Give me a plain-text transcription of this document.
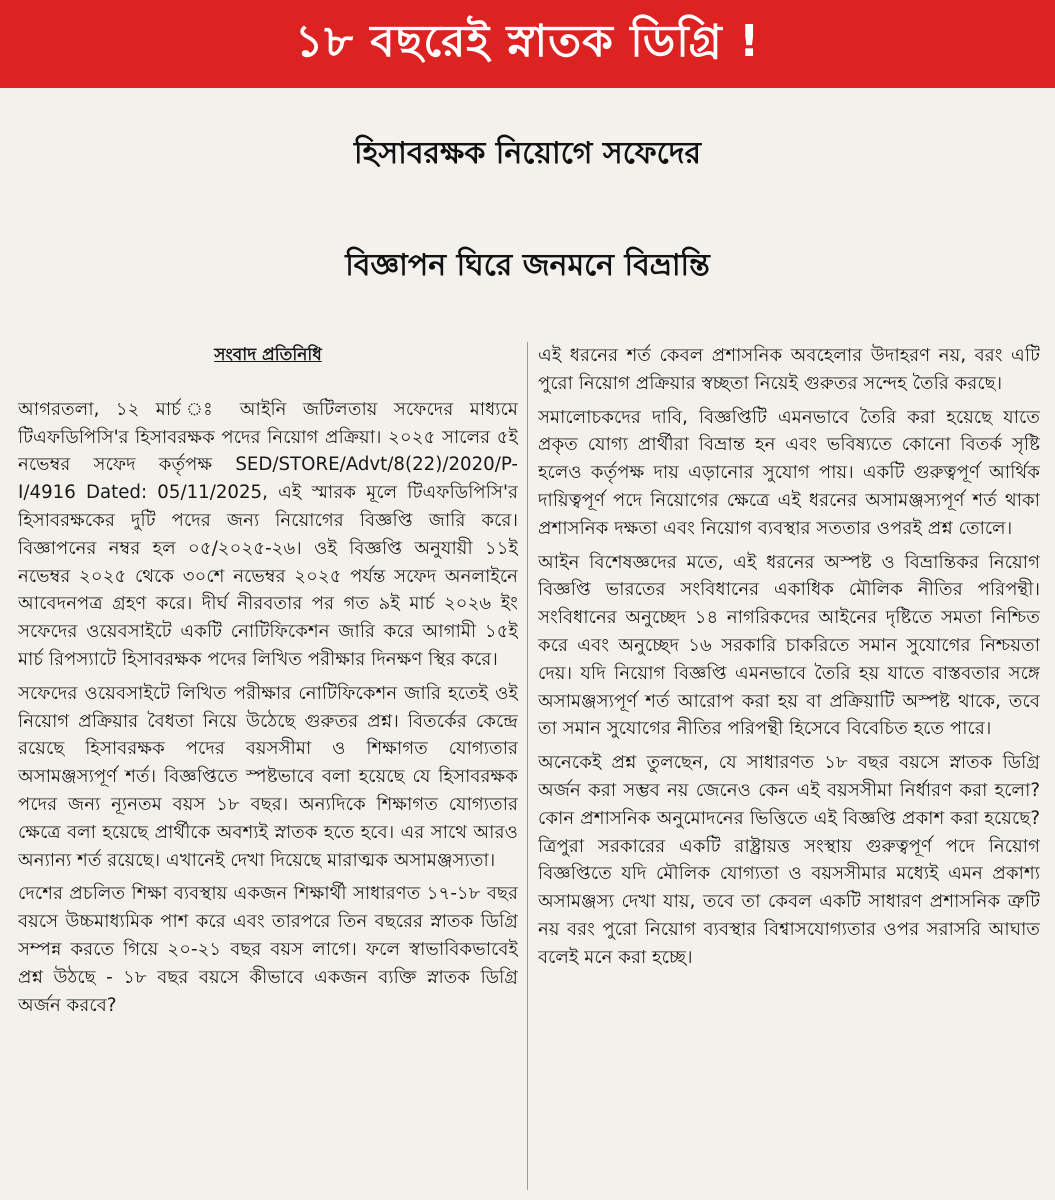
১৮ বছরেই স্নাতক ডিগ্রি !
হিসাবরক্ষক নিয়োগে সফেদের
বিজ্ঞাপন ঘিরে জনমনে বিভ্রান্তি
সংবাদ প্রতিনিধি

আগরতলা, ১২ মার্চ ঃ আইনি জটিলতায় সফেদের মাধ্যমে টিএফডিপিসি'র হিসাবরক্ষক পদের নিয়োগ প্রক্রিয়া। ২০২৫ সালের ৫ই নভেম্বর সফেদ কর্তৃপক্ষ SED/STORE/Advt/8(22)/2020/P-I/4916 Dated: 05/11/2025, এই স্মারক মূলে টিএফডিপিসি'র হিসাবরক্ষকের দুটি পদের জন্য নিয়োগের বিজ্ঞপ্তি জারি করে। বিজ্ঞাপনের নম্বর হল ০৫/২০২৫-২৬। ওই বিজ্ঞপ্তি অনুযায়ী ১১ই নভেম্বর ২০২৫ থেকে ৩০শে নভেম্বর ২০২৫ পর্যন্ত সফেদ অনলাইনে আবেদনপত্র গ্রহণ করে। দীর্ঘ নীরবতার পর গত ৯ই মার্চ ২০২৬ ইং সফেদের ওয়েবসাইটে একটি নোটিফিকেশন জারি করে আগামী ১৫ই মার্চ রিপস্যাটে হিসাবরক্ষক পদের লিখিত পরীক্ষার দিনক্ষণ স্থির করে।

সফেদের ওয়েবসাইটে লিখিত পরীক্ষার নোটিফিকেশন জারি হতেই ওই নিয়োগ প্রক্রিয়ার বৈধতা নিয়ে উঠেছে গুরুতর প্রশ্ন। বিতর্কের কেন্দ্রে রয়েছে হিসাবরক্ষক পদের বয়সসীমা ও শিক্ষাগত যোগ্যতার অসামঞ্জস্যপূর্ণ শর্ত। বিজ্ঞপ্তিতে স্পষ্টভাবে বলা হয়েছে যে হিসাবরক্ষক পদের জন্য ন্যূনতম বয়স ১৮ বছর। অন্যদিকে শিক্ষাগত যোগ্যতার ক্ষেত্রে বলা হয়েছে প্রার্থীকে অবশ্যই স্নাতক হতে হবে। এর সাথে আরও অন্যান্য শর্ত রয়েছে। এখানেই দেখা দিয়েছে মারাত্মক অসামঞ্জস্যতা।

দেশের প্রচলিত শিক্ষা ব্যবস্থায় একজন শিক্ষার্থী সাধারণত ১৭-১৮ বছর বয়সে উচ্চমাধ্যমিক পাশ করে এবং তারপরে তিন বছরের স্নাতক ডিগ্রি সম্পন্ন করতে গিয়ে ২০-২১ বছর বয়স লাগে। ফলে স্বাভাবিকভাবেই প্রশ্ন উঠছে - ১৮ বছর বয়সে কীভাবে একজন ব্যক্তি স্নাতক ডিগ্রি অর্জন করবে?

এই ধরনের শর্ত কেবল প্রশাসনিক অবহেলার উদাহরণ নয়, বরং এটি পুরো নিয়োগ প্রক্রিয়ার স্বচ্ছতা নিয়েই গুরুতর সন্দেহ তৈরি করছে।

সমালোচকদের দাবি, বিজ্ঞপ্তিটি এমনভাবে তৈরি করা হয়েছে যাতে প্রকৃত যোগ্য প্রার্থীরা বিভ্রান্ত হন এবং ভবিষ্যতে কোনো বিতর্ক সৃষ্টি হলেও কর্তৃপক্ষ দায় এড়ানোর সুযোগ পায়। একটি গুরুত্বপূর্ণ আর্থিক দায়িত্বপূর্ণ পদে নিয়োগের ক্ষেত্রে এই ধরনের অসামঞ্জস্যপূর্ণ শর্ত থাকা প্রশাসনিক দক্ষতা এবং নিয়োগ ব্যবস্থার সততার ওপরই প্রশ্ন তোলে।

আইন বিশেষজ্ঞদের মতে, এই ধরনের অস্পষ্ট ও বিভ্রান্তিকর নিয়োগ বিজ্ঞপ্তি ভারতের সংবিধানের একাধিক মৌলিক নীতির পরিপন্থী। সংবিধানের অনুচ্ছেদ ১৪ নাগরিকদের আইনের দৃষ্টিতে সমতা নিশ্চিত করে এবং অনুচ্ছেদ ১৬ সরকারি চাকরিতে সমান সুযোগের নিশ্চয়তা দেয়। যদি নিয়োগ বিজ্ঞপ্তি এমনভাবে তৈরি হয় যাতে বাস্তবতার সঙ্গে অসামঞ্জস্যপূর্ণ শর্ত আরোপ করা হয় বা প্রক্রিয়াটি অস্পষ্ট থাকে, তবে তা সমান সুযোগের নীতির পরিপন্থী হিসেবে বিবেচিত হতে পারে।

অনেকেই প্রশ্ন তুলছেন, যে সাধারণত ১৮ বছর বয়সে স্নাতক ডিগ্রি অর্জন করা সম্ভব নয় জেনেও কেন এই বয়সসীমা নির্ধারণ করা হলো? কোন প্রশাসনিক অনুমোদনের ভিত্তিতে এই বিজ্ঞপ্তি প্রকাশ করা হয়েছে? ত্রিপুরা সরকারের একটি রাষ্ট্রায়ত্ত সংস্থায় গুরুত্বপূর্ণ পদে নিয়োগ বিজ্ঞপ্তিতে যদি মৌলিক যোগ্যতা ও বয়সসীমার মধ্যেই এমন প্রকাশ্য অসামঞ্জস্য দেখা যায়, তবে তা কেবল একটি সাধারণ প্রশাসনিক ত্রুটি নয় বরং পুরো নিয়োগ ব্যবস্থার বিশ্বাসযোগ্যতার ওপর সরাসরি আঘাত বলেই মনে করা হচ্ছে।
